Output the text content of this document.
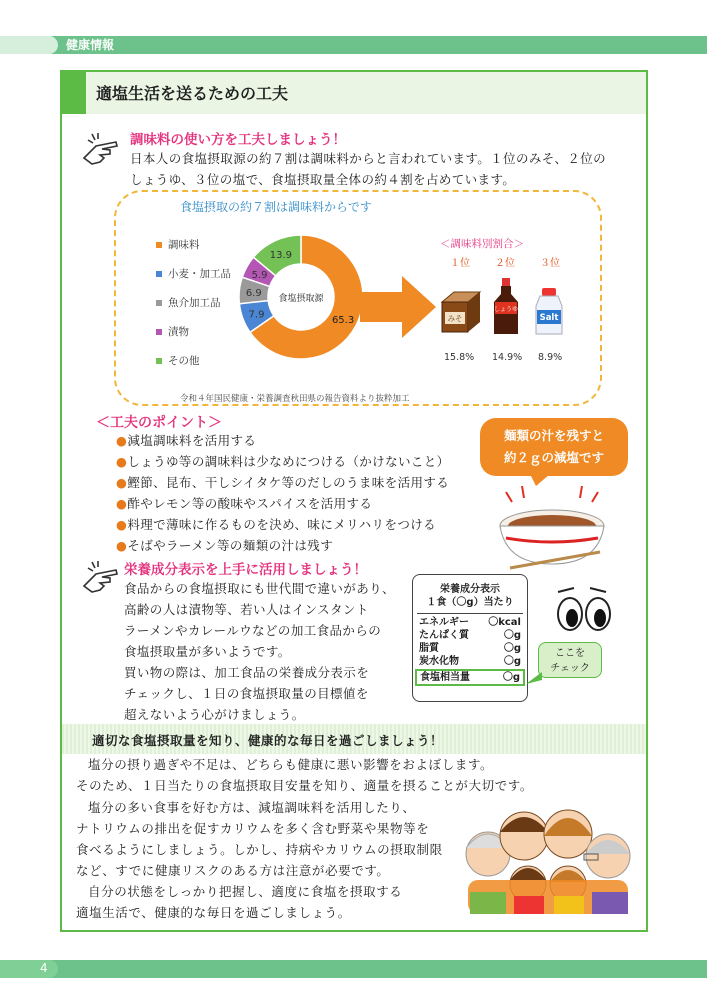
健康情報
適塩生活を送るための工夫
調味料の使い方を工夫しましょう！
日本人の食塩摂取源の約７割は調味料からと言われています。１位のみそ、２位の
しょうゆ、３位の塩で、食塩摂取量全体の約４割を占めています。
食塩摂取の約７割は調味料からです
調味料
小麦・加工品
魚介加工品
漬物
その他
食塩摂取源
65.3
7.9
6.9
5.9
13.9
＜調味料別割合＞
１位	２位	３位
みそ
しょうゆ
Salt
15.8% 14.9% 8.9%
令和４年国民健康・栄養調査秋田県の報告資料より抜粋加工
＜工夫のポイント＞
●減塩調味料を活用する
●しょうゆ等の調味料は少なめにつける（かけないこと）
●鰹節、昆布、干しシイタケ等のだしのうま味を活用する
●酢やレモン等の酸味やスパイスを活用する
●料理で薄味に作るものを決め、味にメリハリをつける
●そばやラーメン等の麺類の汁は残す
麺類の汁を残すと
約２ｇの減塩です
栄養成分表示を上手に活用しましょう！
食品からの食塩摂取にも世代間で違いがあり、
高齢の人は漬物等、若い人はインスタント
ラーメンやカレールウなどの加工食品からの
食塩摂取量が多いようです。
買い物の際は、加工食品の栄養成分表示を
チェックし、１日の食塩摂取量の目標値を
超えないよう心がけましょう。
栄養成分表示
１食（〇g）当たり
エネルギー 〇kcal
たんぱく質	〇g
脂質	〇g
炭水化物	〇g
食塩相当量	〇g
ここを
チェック
適切な食塩摂取量を知り、健康的な毎日を過ごしましょう！
塩分の摂り過ぎや不足は、どちらも健康に悪い影響をおよぼします。
そのため、１日当たりの食塩摂取目安量を知り、適量を摂ることが大切です。
塩分の多い食事を好む方は、減塩調味料を活用したり、
ナトリウムの排出を促すカリウムを多く含む野菜や果物等を
食べるようにしましょう。しかし、持病やカリウムの摂取制限
など、すでに健康リスクのある方は注意が必要です。
自分の状態をしっかり把握し、適度に食塩を摂取する
適塩生活で、健康的な毎日を過ごしましょう。
4
